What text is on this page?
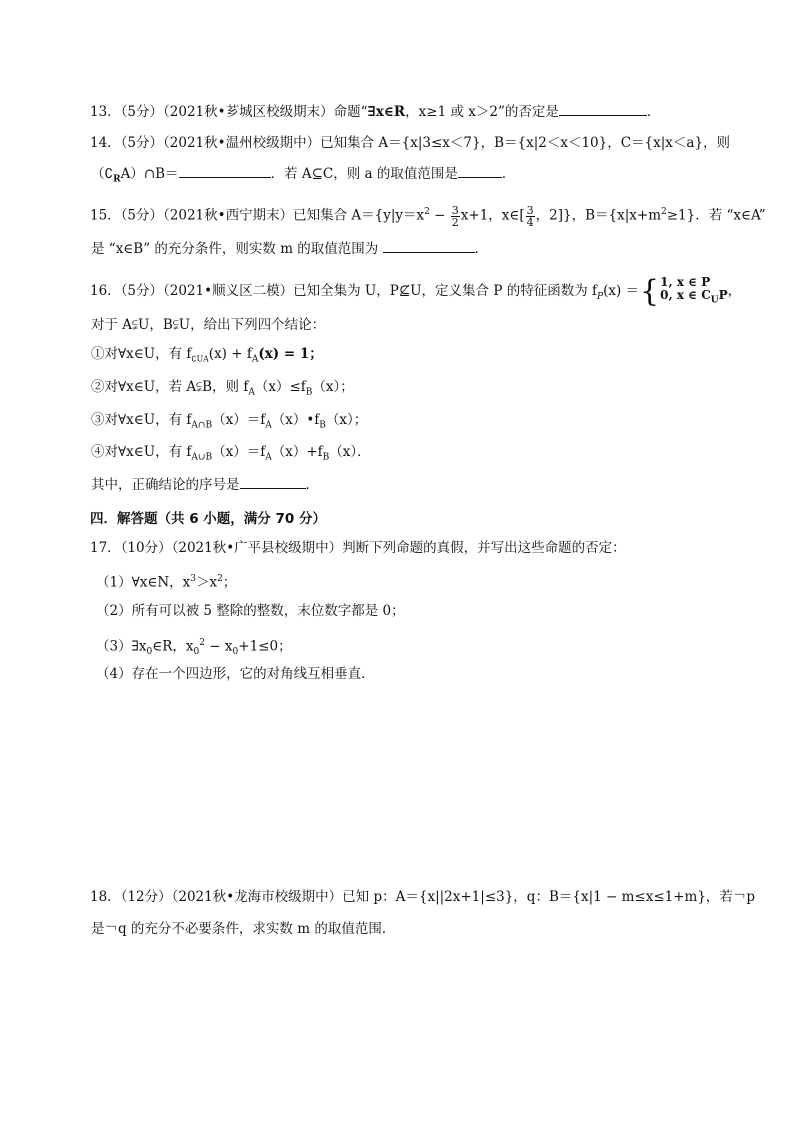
13．（5分）（2021秋•芗城区校级期末）命题“∃x∈R，x≥1 或 x＞2”的否定是	．
14．（5分）（2021秋•温州校级期中）已知集合 A＝{x|3≤x＜7}，B＝{x|2＜x＜10}，C＝{x|x＜a}，则
$(∁_RA)\cap B=$	．若 A⊆C，则 a 的取值范围是	．
15．（5分）（2021秋•西宁期末）已知集合 $A=\{y|y=x^2 - \frac{3}{2} x+1$，x∈[ $\frac{3}{4}$ ，2]}，$B=\{x|x+m^2\ge 1\}$．若 “x∈A”
是 “x∈B” 的充分条件，则实数 m 的取值范围为	．
16．（5分）（2021•顺义区二模）已知全集为 U，P⊈U，定义集合 P 的特征函数为 $f_P(x)$ ＝{ 1, x ∈ P
0, x ∈ $C_UP$ ，
对于 A⫋U，B⫋U，给出下列四个结论：
①对∀x∈U，有 $f_{∁UA}(x) + f_A(x) = 1$；
②对∀x∈U，若 A⫋B，则 $f_A(x)\le f_B(x)$；
③对∀x∈U，有 $f_{A\cap B}(x)=f_A(x)•f_B(x)$；
④对∀x∈U，有 $f_{A\cup B}(x)=f_A(x)+f_B(x)$．
其中，正确结论的序号是	．
四．解答题（共 6 小题，满分 70 分）
17．（10分）（2021秋•广平县校级期中）判断下列命题的真假，并写出这些命题的否定：
（1）∀x∈N，$x^3>x^2$；
（2）所有可以被 5 整除的整数，末位数字都是 0；
$(3)\exists x_0\in R$，$x_0^2 - x_0+1\le 0$；
（4）存在一个四边形，它的对角线互相垂直．
18．（12分）（2021秋•龙海市校级期中）已知 p：A＝{x||2x+1|≤3}，q：B＝{x|1 − m≤x≤1+m}，若￢p
是￢q 的充分不必要条件，求实数 m 的取值范围．
